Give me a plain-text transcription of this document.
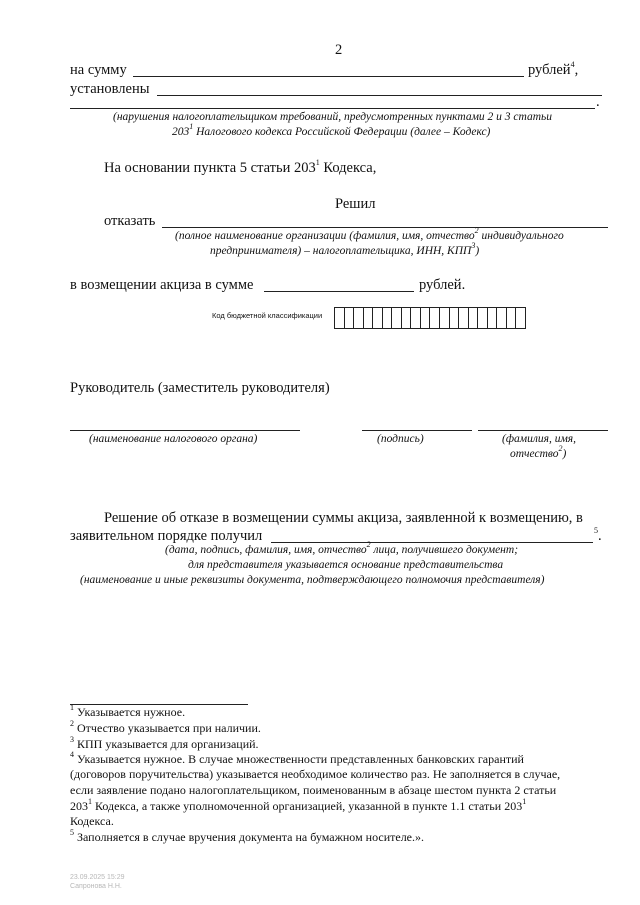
2
на сумму	рублей$^4$,
установлены
.
(нарушения налогоплательщиком требований, предусмотренных пунктами 2 и 3 статьи
$203^1$ Налогового кодекса Российской Федерации (далее – Кодекс)
На основании пункта 5 статьи $203^1$ Кодекса,
Решил
отказать
(полное наименование организации (фамилия, имя, отчество$^2$ индивидуального
предпринимателя) – налогоплательщика, ИНН, КПП$^3$)
в возмещении акциза в сумме	рублей.
Код бюджетной классификации
Руководитель (заместитель руководителя)
(наименование налогового органа)	(подпись)	(фамилия, имя,
отчество$^2$)
Решение об отказе в возмещении суммы акциза, заявленной к возмещению, в
заявительном порядке получил	$^5$.
(дата, подпись, фамилия, имя, отчество$^2$ лица, получившего документ;
для представителя указывается основание представительства
(наименование и иные реквизиты документа, подтверждающего полномочия представителя)
$^1$ Указывается нужное.
$^2$ Отчество указывается при наличии.
$^3$ КПП указывается для организаций.
$^4$ Указывается нужное. В случае множественности представленных банковских гарантий
(договоров поручительства) указывается необходимое количество раз. Не заполняется в случае,
если заявление подано налогоплательщиком, поименованным в абзаце шестом пункта 2 статьи
$203^1$ Кодекса, а также уполномоченной организацией, указанной в пункте 1.1 статьи $203^1$
Кодекса.
$^5$ Заполняется в случае вручения документа на бумажном носителе.».
23.09.2025 15:29
Сапронова Н.Н.
